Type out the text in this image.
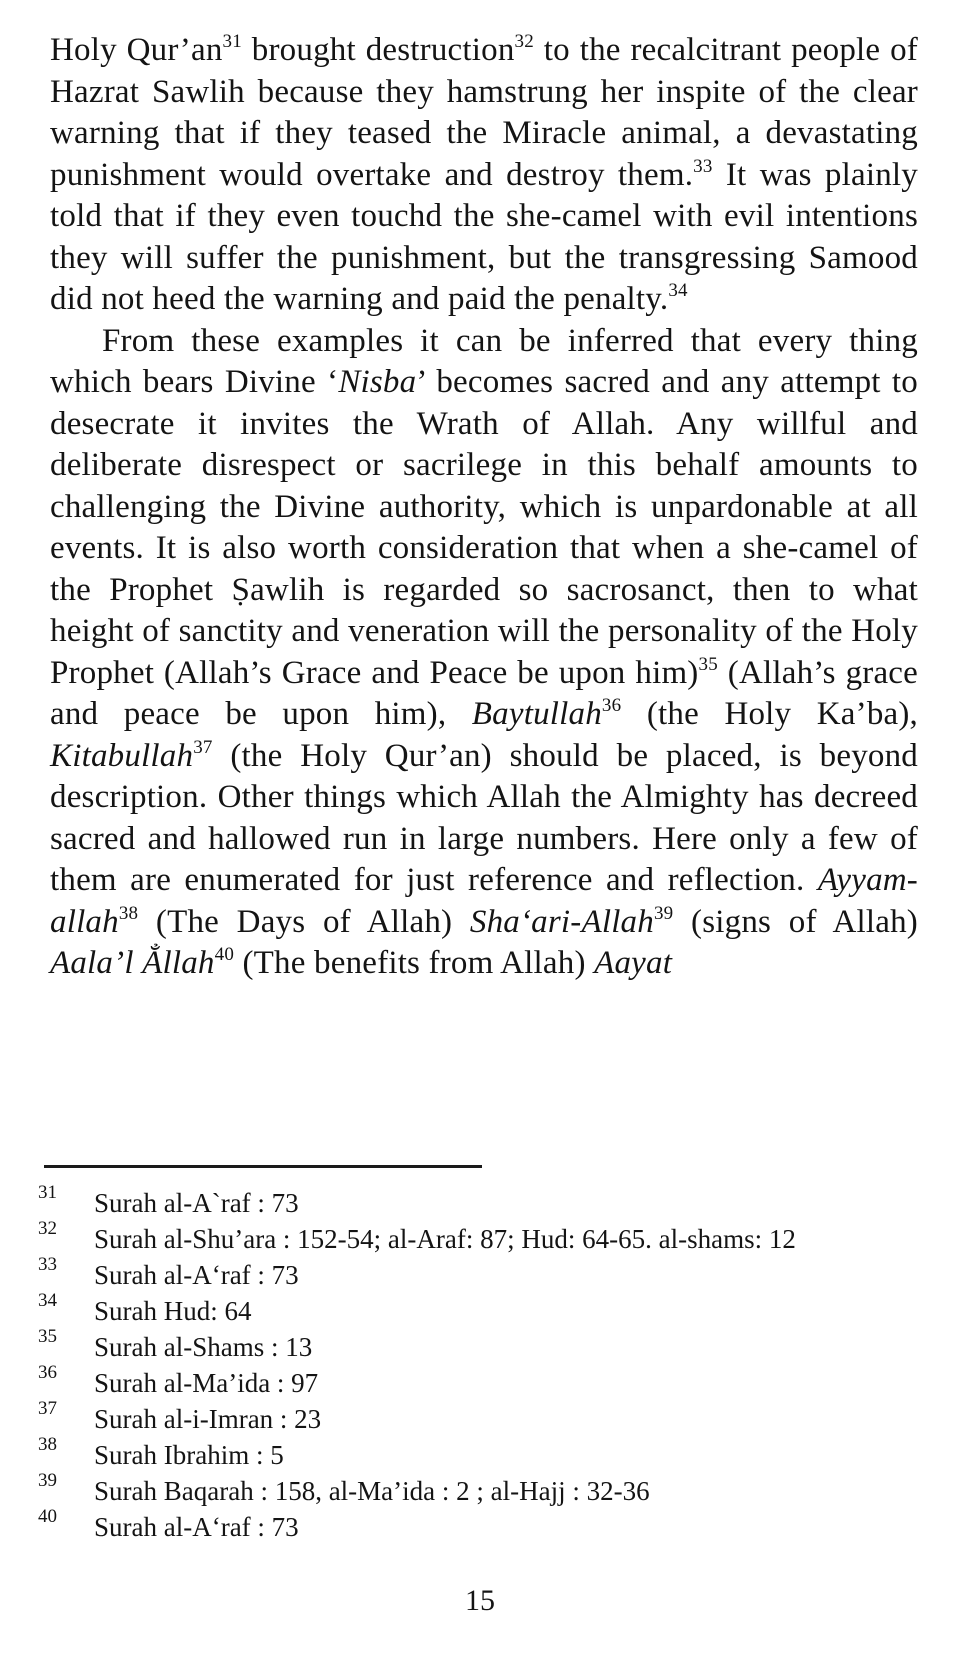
Holy $Qur’an^{31}$ brought destruction$^{32}$ to the recalcitrant people of Hazrat Sawlih because they hamstrung her inspite of the clear warning that if they teased the Miracle animal, a devastating punishment would overtake and destroy them.$^{33}$ It was plainly told that if they even touchd the she-camel with evil intentions they will suffer the punishment, but the transgressing Samood did not heed the warning and paid the penalty.$^{34}$

From these examples it can be inferred that every thing which bears Divine ‘Nisba’ becomes sacred and any attempt to desecrate it invites the Wrath of Allah. Any willful and deliberate disrespect or sacrilege in this behalf amounts to challenging the Divine authority, which is unpardonable at all events. It is also worth consideration that when a she-camel of the Prophet Ṣawlih is regarded so sacrosanct, then to what height of sanctity and veneration will the personality of the Holy Prophet (Allah’s Grace and Peace be upon him)$^{35}$ (Allah’s grace and peace be upon him), Baytullah$^{36}$ (the Holy Ka’ba), Kitabullah$^{37}$ (the Holy Qur’an) should be placed, is beyond description. Other things which Allah the Almighty has decreed sacred and hallowed run in large numbers. Here only a few of them are enumerated for just reference and reflection. Ayyam-allah$^{38}$ (The Days of Allah) Sha‘ari-Allah$^{39}$ (signs of Allah) Aala’l Ẳllah$^{40}$ (The benefits from Allah) Aayat

31 Surah al-A`raf : 73
32 Surah al-Shu’ara : 152-54; al-Araf: 87; Hud: 64-65. al-shams: 12
33 Surah al-A‘raf : 73
34 Surah Hud: 64
35 Surah al-Shams : 13
36 Surah al-Ma’ida : 97
37 Surah al-i-Imran : 23
38 Surah Ibrahim : 5
39 Surah Baqarah : 158, al-Ma’ida : 2 ; al-Hajj : 32-36
40 Surah al-A‘raf : 73
15
